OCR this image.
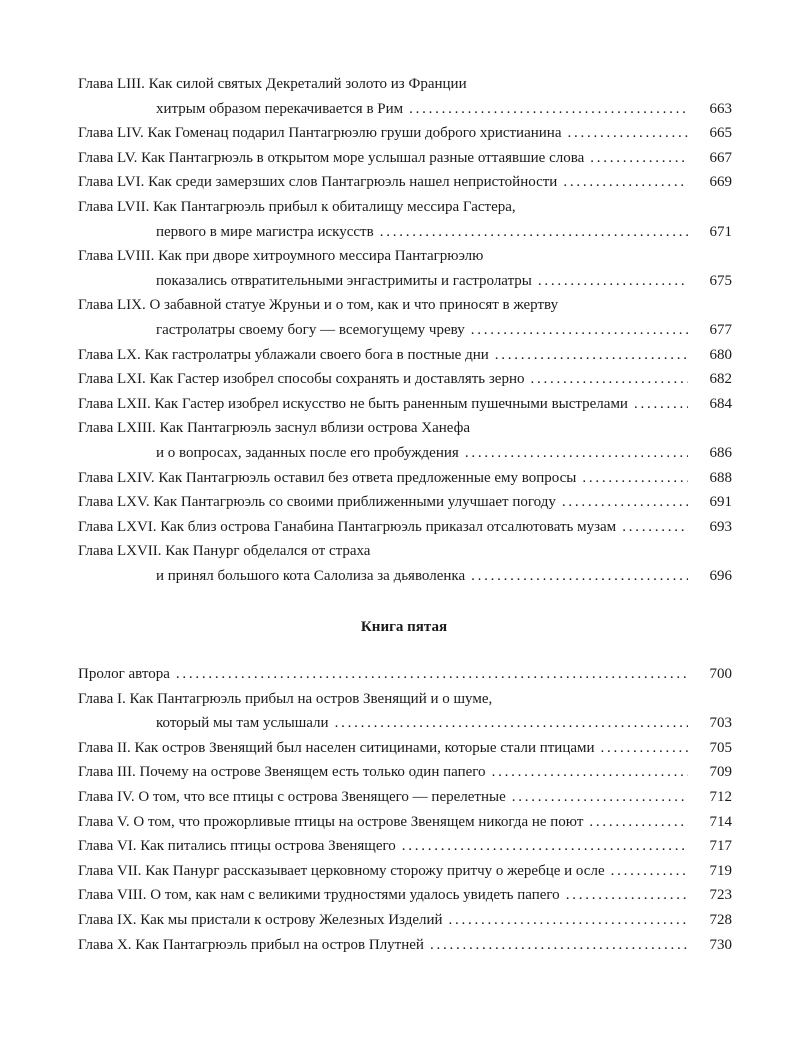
Глава LIII. Как силой святых Декреталий золото из Франции
хитрым образом перекачивается в Рим	663
. . .
Глава LIV. Как Гоменац подарил Пантагрюэлю груши доброго христианина	665
. . .
Глава LV. Как Пантагрюэль в открытом море услышал разные оттаявшие слова	667
. . .
Глава LVI. Как среди замерзших слов Пантагрюэль нашел непристойности	669
. . .
Глава LVII. Как Пантагрюэль прибыл к обиталищу мессира Гастера,
первого в мире магистра искусств	671
. . .
Глава LVIII. Как при дворе хитроумного мессира Пантагрюэлю
показались отвратительными энгастримиты и гастролатры	675
. . .
Глава LIX. О забавной статуе Жруньи и о том, как и что приносят в жертву
гастролатры своему богу — всемогущему чреву	677
. . .
Глава LX. Как гастролатры ублажали своего бога в постные дни	680
. . .
Глава LXI. Как Гастер изобрел способы сохранять и доставлять зерно	682
. . .
Глава LXII. Как Гастер изобрел искусство не быть раненным пушечными выстрелами	684
. . .
Глава LXIII. Как Пантагрюэль заснул вблизи острова Ханефа
и о вопросах, заданных после его пробуждения	686
. . .
Глава LXIV. Как Пантагрюэль оставил без ответа предложенные ему вопросы	688
. . .
Глава LXV. Как Пантагрюэль со своими приближенными улучшает погоду	691
. . .
Глава LXVI. Как близ острова Ганабина Пантагрюэль приказал отсалютовать музам	693
. . .
Глава LXVII. Как Панург обделался от страха
и принял большого кота Салолиза за дьяволенка	696
. . .
Книга пятая
Пролог автора	700
. . .
Глава I. Как Пантагрюэль прибыл на остров Звенящий и о шуме,
который мы там услышали	703
. . .
Глава II. Как остров Звенящий был населен ситицинами, которые стали птицами	705
. . .
Глава III. Почему на острове Звенящем есть только один папего	709
. . .
Глава IV. О том, что все птицы с острова Звенящего — перелетные	712
. . .
Глава V. О том, что прожорливые птицы на острове Звенящем никогда не поют	714
. . .
Глава VI. Как питались птицы острова Звенящего	717
. . .
Глава VII. Как Панург рассказывает церковному сторожу притчу о жеребце и осле	719
. . .
Глава VIII. О том, как нам с великими трудностями удалось увидеть папего	723
. . .
Глава IX. Как мы пристали к острову Железных Изделий	728
. . .
Глава X. Как Пантагрюэль прибыл на остров Плутней	730
. . .
